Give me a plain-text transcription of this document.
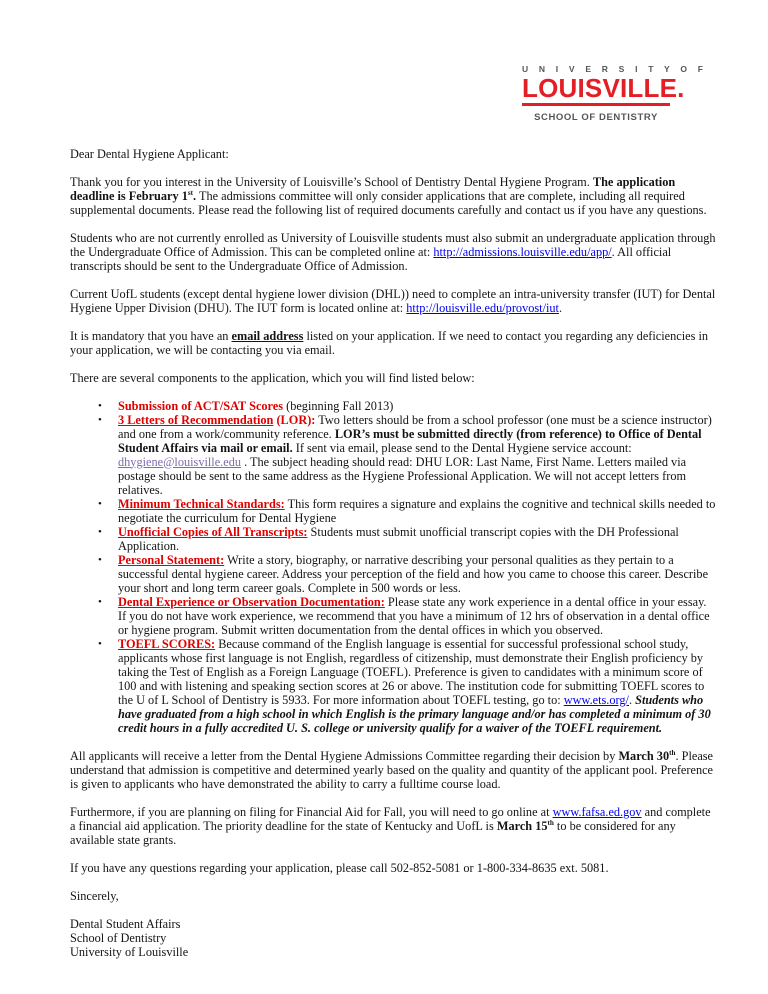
U N I V E R S I T Y O F
LOUISVILLE.
SCHOOL OF DENTISTRY
Dear Dental Hygiene Applicant:
Thank you for you interest in the University of Louisville’s School of Dentistry Dental Hygiene Program. The application deadline is February 1st. The admissions committee will only consider applications that are complete, including all required supplemental documents. Please read the following list of required documents carefully and contact us if you have any questions.
Students who are not currently enrolled as University of Louisville students must also submit an undergraduate application through the Undergraduate Office of Admission. This can be completed online at: http://admissions.louisville.edu/app/. All official transcripts should be sent to the Undergraduate Office of Admission.
Current UofL students (except dental hygiene lower division (DHL)) need to complete an intra-university transfer (IUT) for Dental Hygiene Upper Division (DHU). The IUT form is located online at: http://louisville.edu/provost/iut.
It is mandatory that you have an email address listed on your application. If we need to contact you regarding any deficiencies in your application, we will be contacting you via email.
There are several components to the application, which you will find listed below:
•	Submission of ACT/SAT Scores (beginning Fall 2013)
•	3 Letters of Recommendation (LOR): Two letters should be from a school professor (one must be a science instructor) and one from a work/community reference. LOR’s must be submitted directly (from reference) to Office of Dental Student Affairs via mail or email. If sent via email, please send to the Dental Hygiene service account: dhygiene@louisville.edu . The subject heading should read: DHU LOR: Last Name, First Name. Letters mailed via postage should be sent to the same address as the Hygiene Professional Application. We will not accept letters from relatives.
•	Minimum Technical Standards: This form requires a signature and explains the cognitive and technical skills needed to negotiate the curriculum for Dental Hygiene
•	Unofficial Copies of All Transcripts: Students must submit unofficial transcript copies with the DH Professional Application.
•	Personal Statement: Write a story, biography, or narrative describing your personal qualities as they pertain to a successful dental hygiene career. Address your perception of the field and how you came to choose this career. Describe your short and long term career goals. Complete in 500 words or less.
•	Dental Experience or Observation Documentation: Please state any work experience in a dental office in your essay. If you do not have work experience, we recommend that you have a minimum of 12 hrs of observation in a dental office or hygiene program. Submit written documentation from the dental offices in which you observed.
•	TOEFL SCORES: Because command of the English language is essential for successful professional school study, applicants whose first language is not English, regardless of citizenship, must demonstrate their English proficiency by taking the Test of English as a Foreign Language (TOEFL). Preference is given to candidates with a minimum score of 100 and with listening and speaking section scores at 26 or above. The institution code for submitting TOEFL scores to the U of L School of Dentistry is 5933. For more information about TOEFL testing, go to: www.ets.org/. Students who have graduated from a high school in which English is the primary language and/or has completed a minimum of 30 credit hours in a fully accredited U. S. college or university qualify for a waiver of the TOEFL requirement.
All applicants will receive a letter from the Dental Hygiene Admissions Committee regarding their decision by March 30th. Please understand that admission is competitive and determined yearly based on the quality and quantity of the applicant pool. Preference is given to applicants who have demonstrated the ability to carry a fulltime course load.
Furthermore, if you are planning on filing for Financial Aid for Fall, you will need to go online at www.fafsa.ed.gov and complete a financial aid application. The priority deadline for the state of Kentucky and UofL is March 15th to be considered for any available state grants.
If you have any questions regarding your application, please call 502-852-5081 or 1-800-334-8635 ext. 5081.
Sincerely,
Dental Student Affairs
School of Dentistry
University of Louisville
